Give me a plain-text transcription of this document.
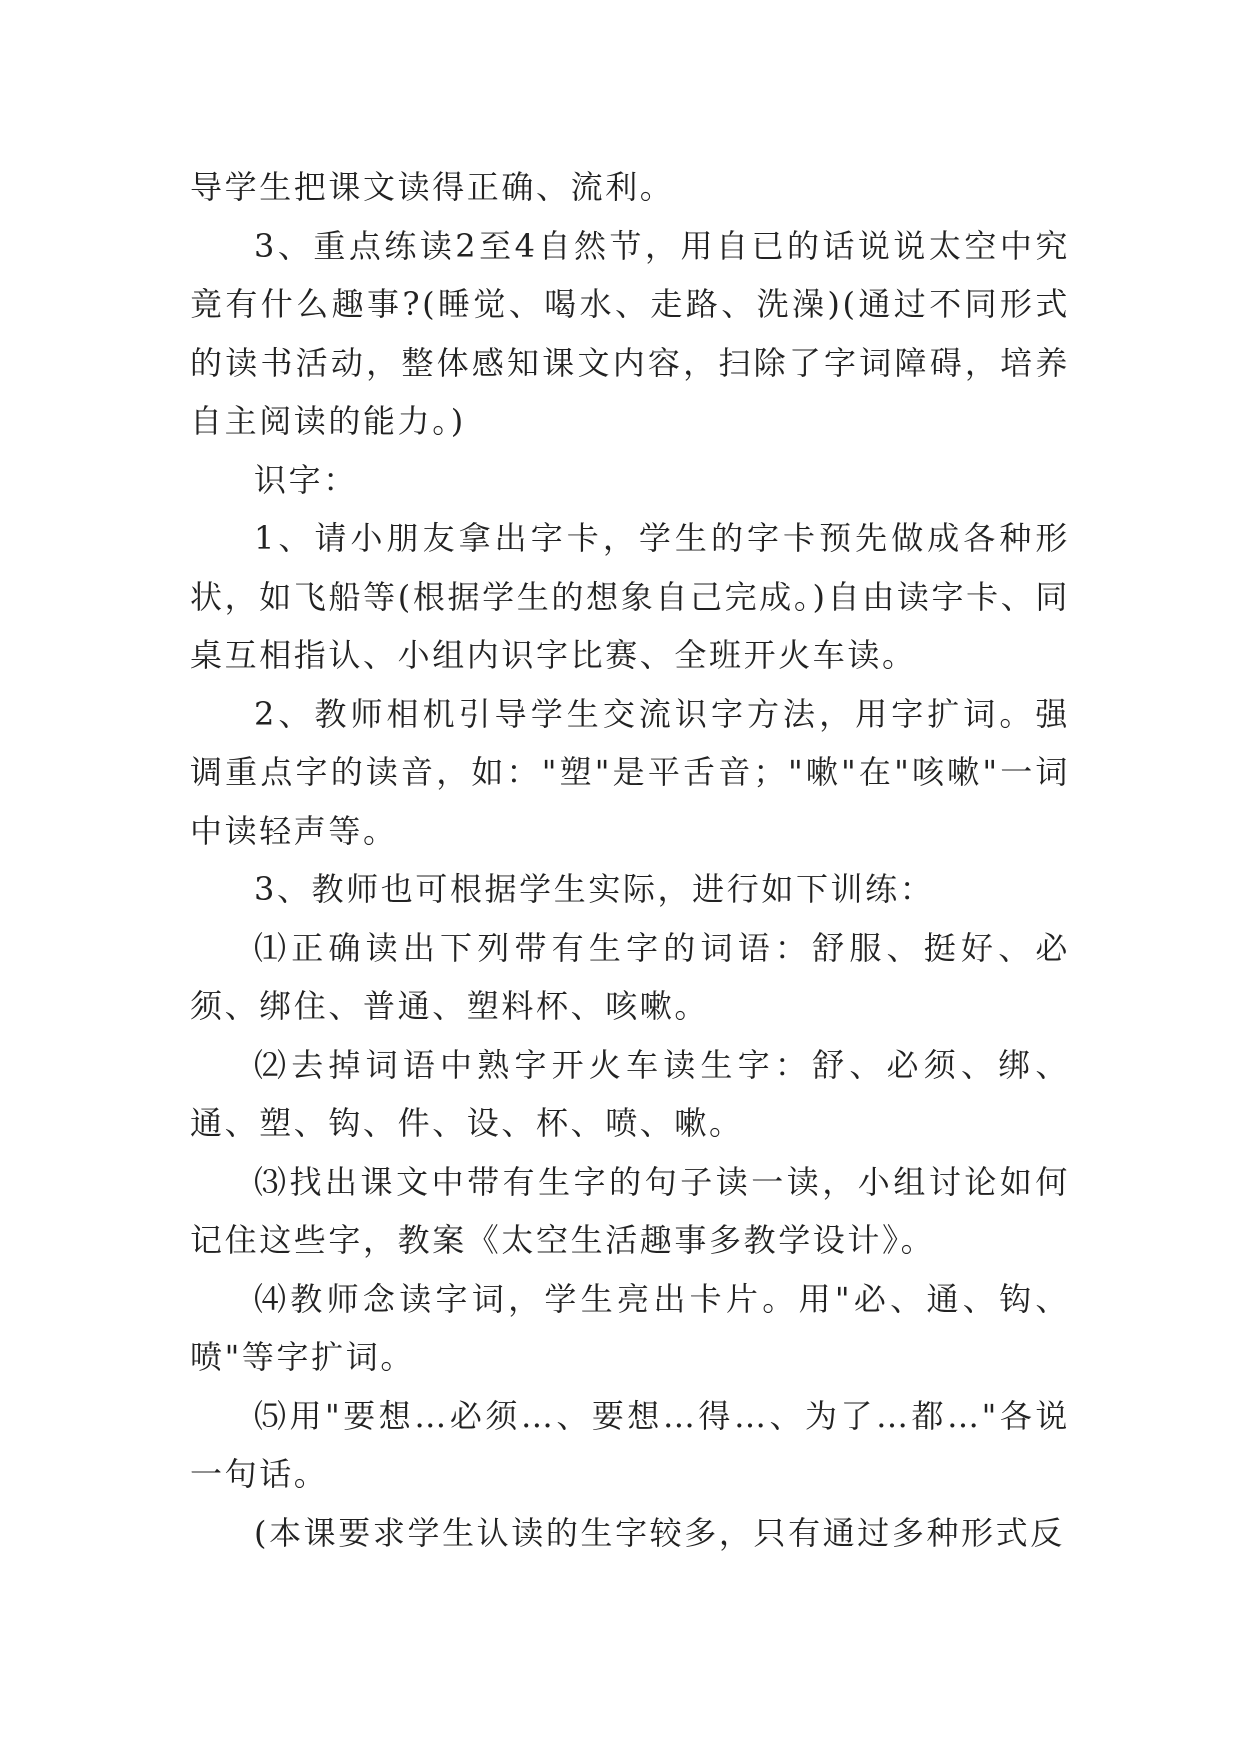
导学生把课文读得正确、流利。

3、重点练读2至4自然节，用自已的话说说太空中究竟有什么趣事?(睡觉、喝水、走路、洗澡)(通过不同形式的读书活动，整体感知课文内容，扫除了字词障碍，培养自主阅读的能力。)

识字：

1、请小朋友拿出字卡，学生的字卡预先做成各种形状，如飞船等(根据学生的想象自己完成。)自由读字卡、同桌互相指认、小组内识字比赛、全班开火车读。

2、教师相机引导学生交流识字方法，用字扩词。强调重点字的读音，如："塑"是平舌音；"嗽"在"咳嗽"一词中读轻声等。

3、教师也可根据学生实际，进行如下训练：

⑴正确读出下列带有生字的词语：舒服、挺好、必须、绑住、普通、塑料杯、咳嗽。

⑵去掉词语中熟字开火车读生字：舒、必须、绑、通、塑、钩、件、设、杯、喷、嗽。

⑶找出课文中带有生字的句子读一读，小组讨论如何记住这些字，教案《太空生活趣事多教学设计》。

⑷教师念读字词，学生亮出卡片。用"必、通、钩、喷"等字扩词。

⑸用"要想…必须…、要想…得…、为了…都…"各说一句话。

(本课要求学生认读的生字较多，只有通过多种形式反
